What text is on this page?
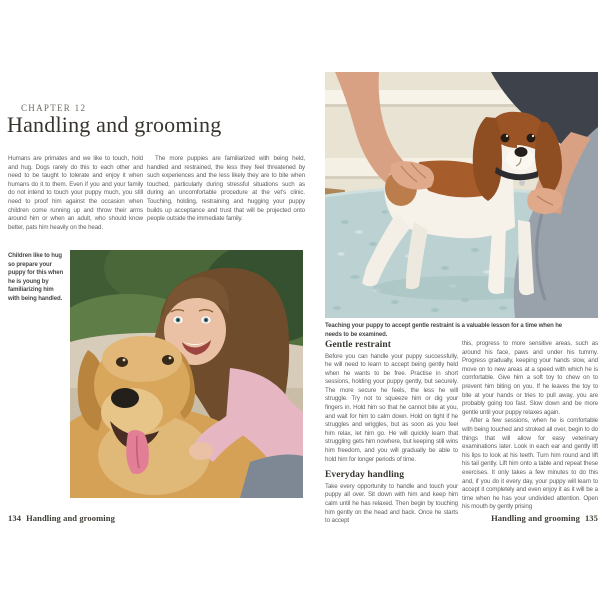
CHAPTER 12
Handling and grooming

Humans are primates and we like to touch, hold and hug. Dogs rarely do this to each other and need to be taught to tolerate and enjoy it when humans do it to them. Even if you and your family do not intend to touch your puppy much, you still need to proof him against the occasion when children come running up and throw their arms around him or when an adult, who should know better, pats him heavily on the head.

The more puppies are familiarized with being held, handled and restrained, the less they feel threatened by such experiences and the less likely they are to bite when touched, particularly during stressful situations such as during an uncomfortable procedure at the vet's clinic. Touching, holding, restraining and hugging your puppy builds up acceptance and trust that will be projected onto people outside the immediate family.

Children like to hug so prepare your puppy for this when he is young by familiarizing him with being handled.

134 Handling and grooming

Teaching your puppy to accept gentle restraint is a valuable lesson for a time when he needs to be examined.

Gentle restraint

Before you can handle your puppy successfully, he will need to learn to accept being gently held when he wants to be free. Practise in short sessions, holding your puppy gently, but securely. The more secure he feels, the less he will struggle. Try not to squeeze him or dig your fingers in. Hold him so that he cannot bite at you, and wait for him to calm down. Hold on tight if he struggles and wriggles, but as soon as you feel him relax, let him go. He will quickly learn that struggling gets him nowhere, but keeping still wins him freedom, and you will gradually be able to hold him for longer periods of time.

Everyday handling

Take every opportunity to handle and touch your puppy all over. Sit down with him and keep him calm until he has relaxed. Then begin by touching him gently on the head and back. Once he starts to accept

this, progress to more sensitive areas, such as around his face, paws and under his tummy. Progress gradually, keeping your hands slow, and move on to new areas at a speed with which he is comfortable. Give him a soft toy to chew on to prevent him biting on you. If he leaves the toy to bite at your hands or tries to pull away, you are probably going too fast. Slow down and be more gentle until your puppy relaxes again.

After a few sessions, when he is comfortable with being touched and stroked all over, begin to do things that will allow for easy veterinary examinations later. Look in each ear and gently lift his lips to look at his teeth. Turn him round and lift his tail gently. Lift him onto a table and repeat these exercises. It only takes a few minutes to do this and, if you do it every day, your puppy will learn to accept it completely and even enjoy it as it will be a time when he has your undivided attention. Open his mouth by gently prising

Handling and grooming 135
